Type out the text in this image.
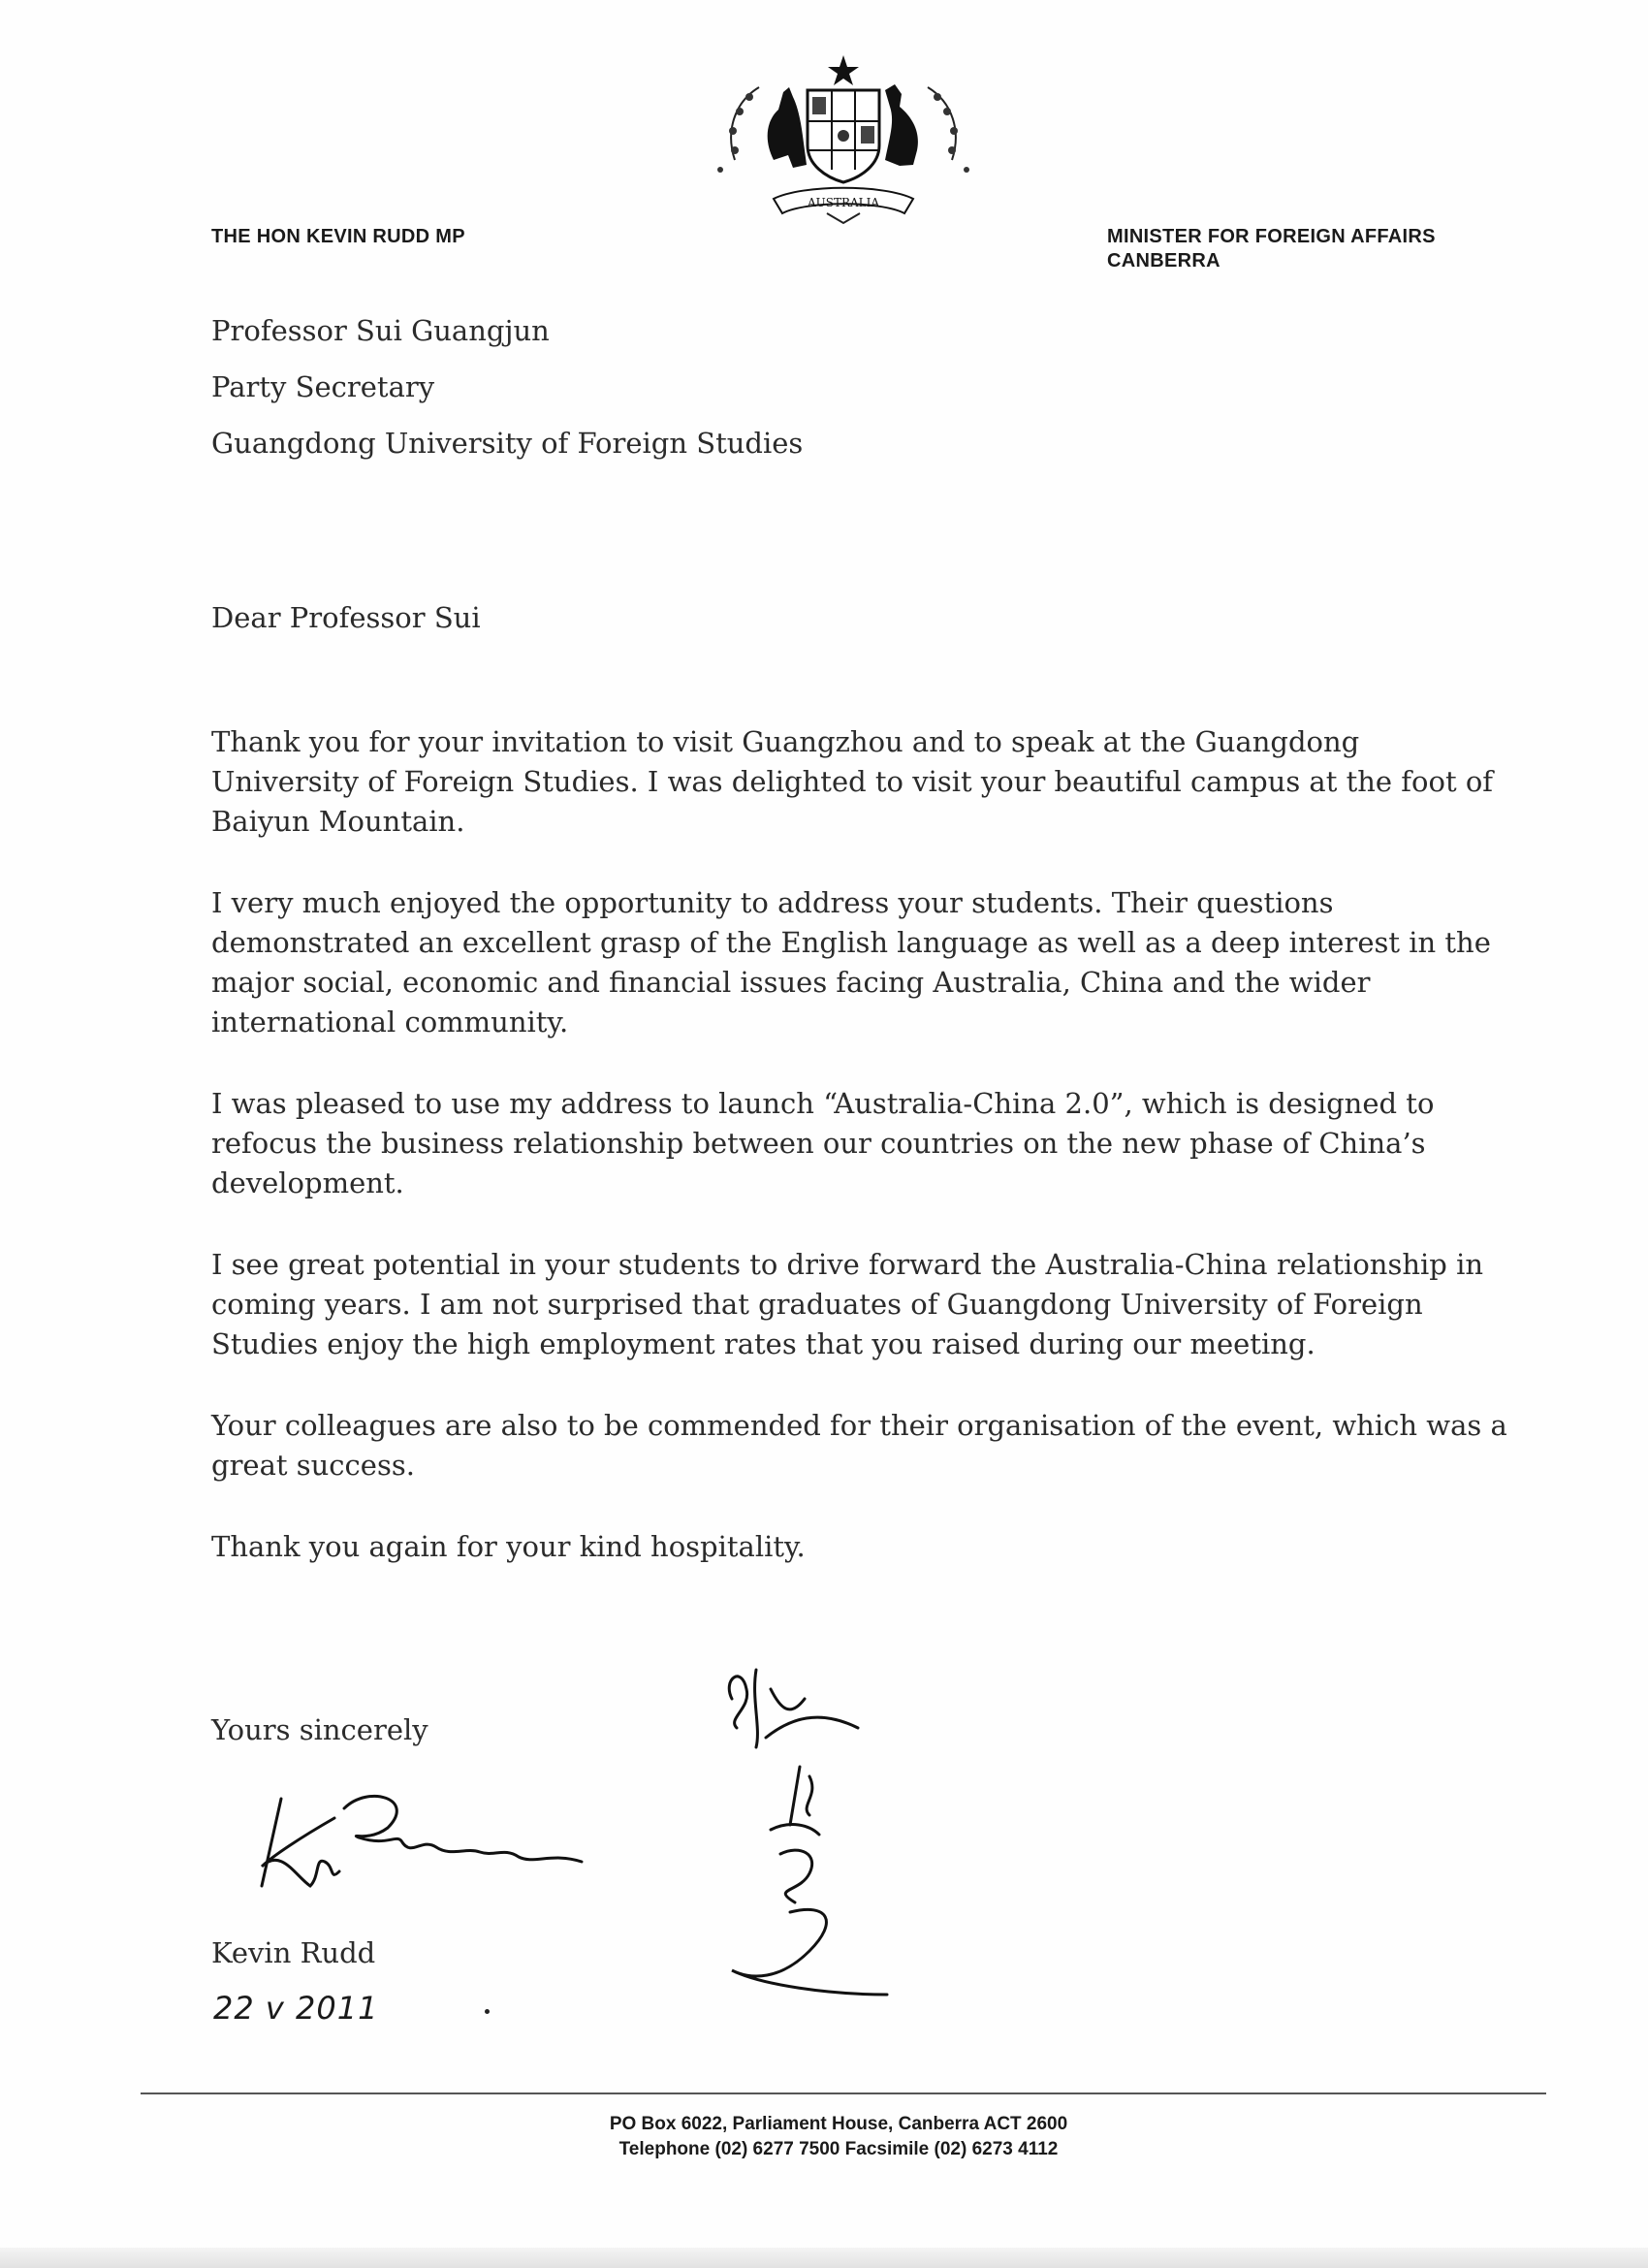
AUSTRALIA
THE HON KEVIN RUDD MP	MINISTER FOR FOREIGN AFFAIRS
CANBERRA
Professor Sui Guangjun
Party Secretary
Guangdong University of Foreign Studies
Dear Professor Sui

Thank you for your invitation to visit Guangzhou and to speak at the Guangdong University of Foreign Studies. I was delighted to visit your beautiful campus at the foot of Baiyun Mountain.

I very much enjoyed the opportunity to address your students. Their questions demonstrated an excellent grasp of the English language as well as a deep interest in the major social, economic and financial issues facing Australia, China and the wider international community.

I was pleased to use my address to launch “Australia-China 2.0”, which is designed to refocus the business relationship between our countries on the new phase of China’s development.

I see great potential in your students to drive forward the Australia-China relationship in coming years. I am not surprised that graduates of Guangdong University of Foreign Studies enjoy the high employment rates that you raised during our meeting.

Your colleagues are also to be commended for their organisation of the event, which was a great success.

Thank you again for your kind hospitality.

Yours sincerely
Kevin Rudd
22 v 2011
PO Box 6022, Parliament House, Canberra ACT 2600
Telephone (02) 6277 7500 Facsimile (02) 6273 4112
